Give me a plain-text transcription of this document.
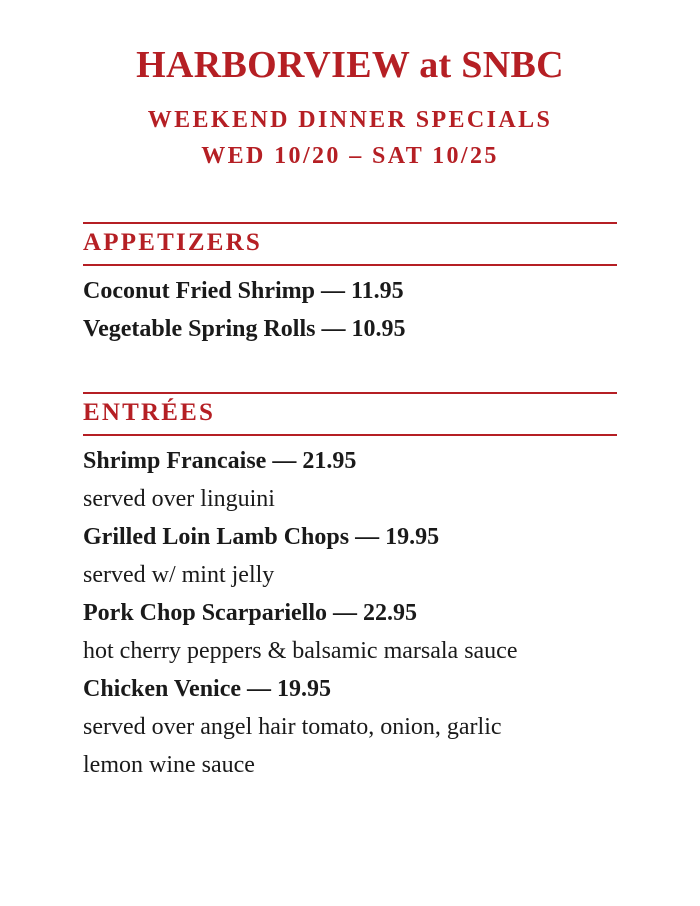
HARBORVIEW at SNBC
WEEKEND DINNER SPECIALS
WED 10/20 – SAT 10/25
APPETIZERS
Coconut Fried Shrimp — 11.95
Vegetable Spring Rolls — 10.95
ENTRÉES
Shrimp Francaise — 21.95
served over linguini
Grilled Loin Lamb Chops — 19.95
served w/ mint jelly
Pork Chop Scarpariello — 22.95
hot cherry peppers & balsamic marsala sauce
Chicken Venice — 19.95
served over angel hair tomato, onion, garlic lemon wine sauce
